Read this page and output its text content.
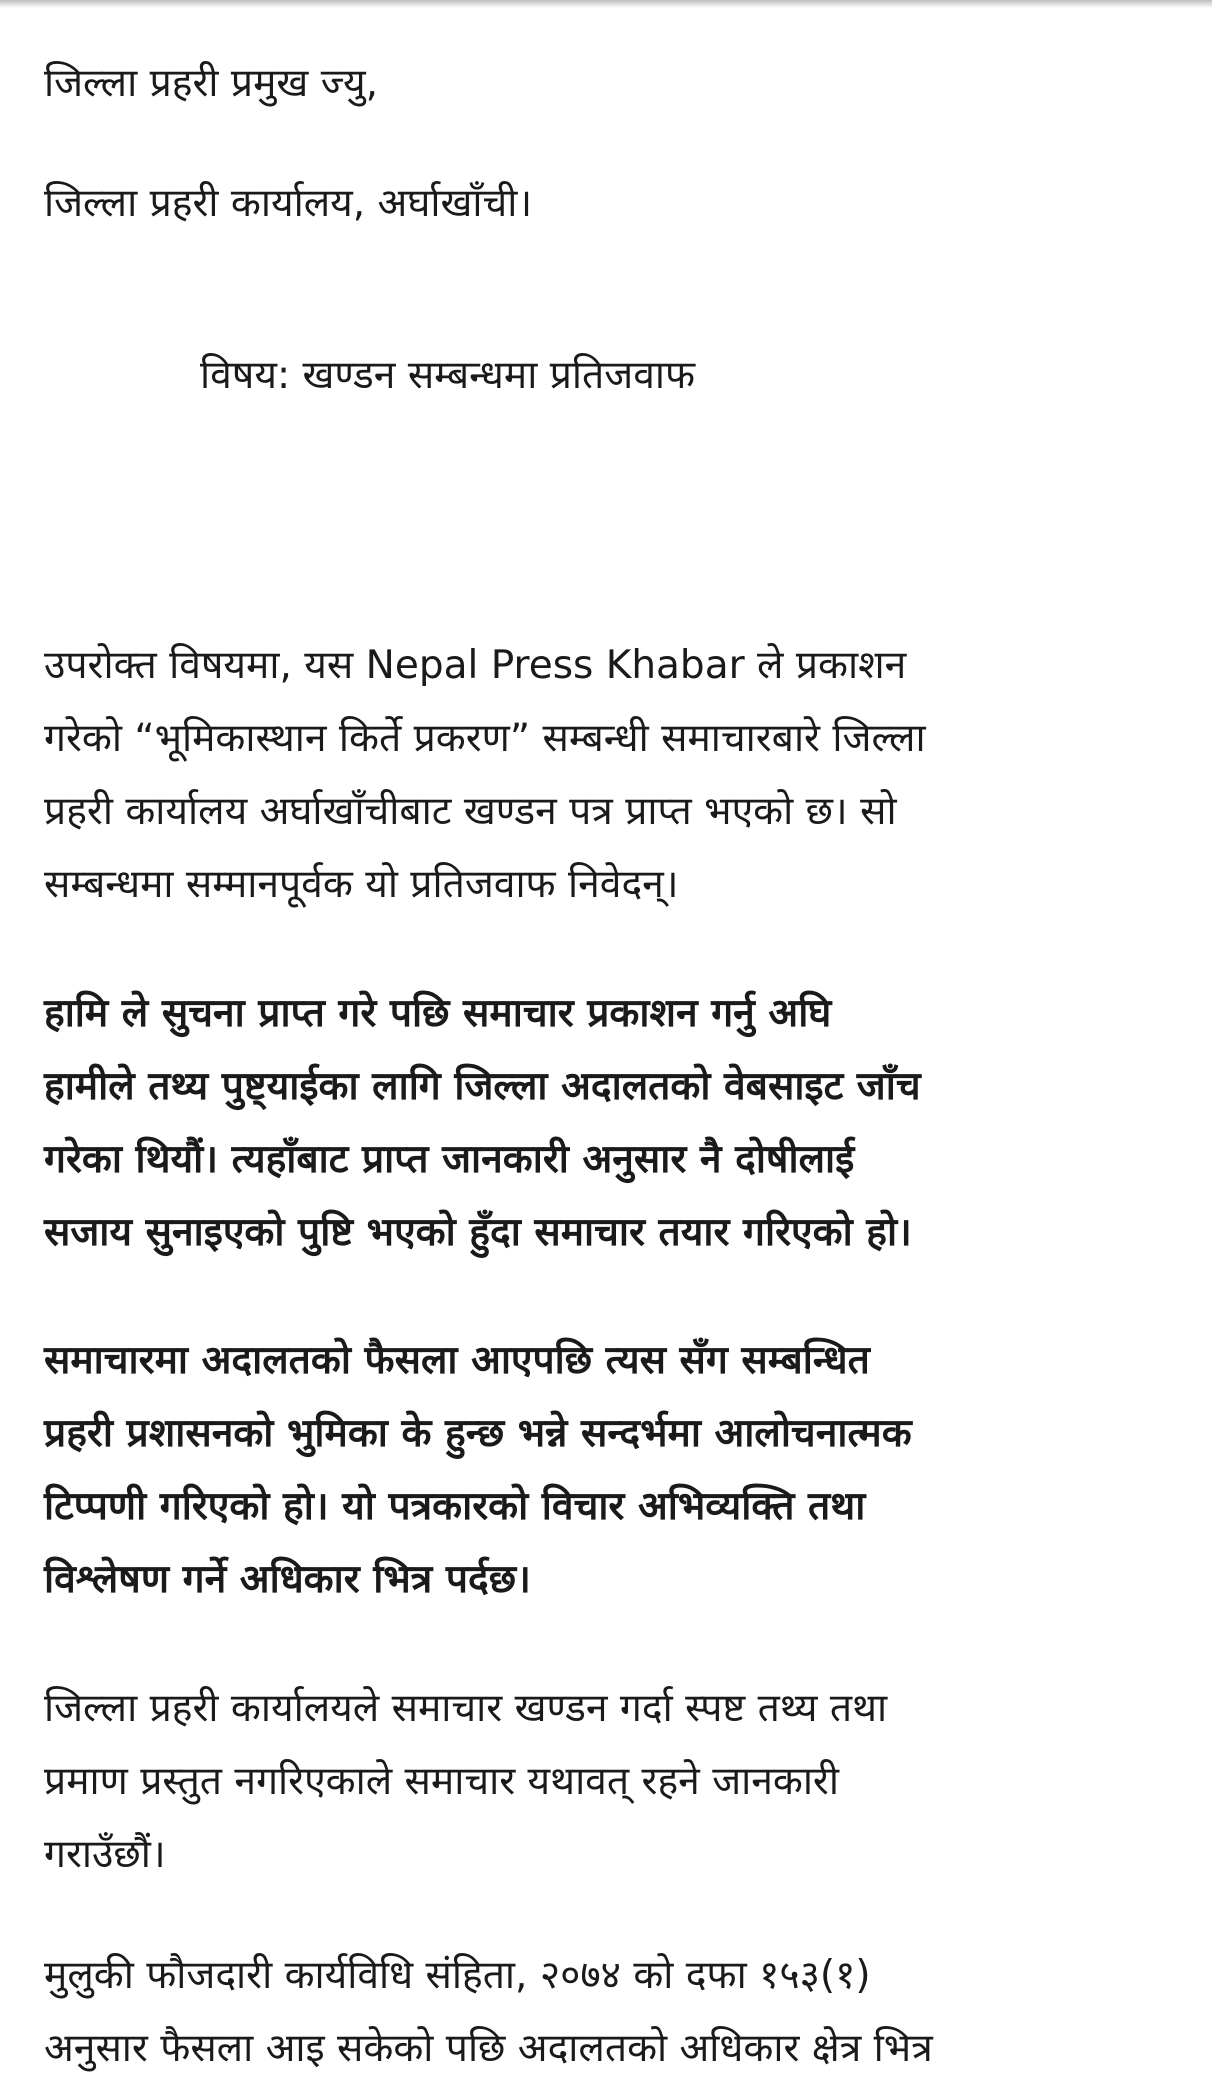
जिल्ला प्रहरी प्रमुख ज्यु,
जिल्ला प्रहरी कार्यालय, अर्घाखाँची।
विषय: खण्डन सम्बन्धमा प्रतिजवाफ
उपरोक्त विषयमा, यस Nepal Press Khabar ले प्रकाशन
गरेको “भूमिकास्थान किर्ते प्रकरण” सम्बन्धी समाचारबारे जिल्ला
प्रहरी कार्यालय अर्घाखाँचीबाट खण्डन पत्र प्राप्त भएको छ। सो
सम्बन्धमा सम्मानपूर्वक यो प्रतिजवाफ निवेदन्।
हामि ले सुचना प्राप्त गरे पछि समाचार प्रकाशन गर्नु अघि
हामीले तथ्य पुष्ट्याईका लागि जिल्ला अदालतको वेबसाइट जाँच
गरेका थियौं। त्यहाँबाट प्राप्त जानकारी अनुसार नै दोषीलाई
सजाय सुनाइएको पुष्टि भएको हुँदा समाचार तयार गरिएको हो।
समाचारमा अदालतको फैसला आएपछि त्यस सँग सम्बन्धित
प्रहरी प्रशासनको भुमिका के हुन्छ भन्ने सन्दर्भमा आलोचनात्मक
टिप्पणी गरिएको हो। यो पत्रकारको विचार अभिव्यक्ति तथा
विश्लेषण गर्ने अधिकार भित्र पर्दछ।
जिल्ला प्रहरी कार्यालयले समाचार खण्डन गर्दा स्पष्ट तथ्य तथा
प्रमाण प्रस्तुत नगरिएकाले समाचार यथावत् रहने जानकारी
गराउँछौं।
मुलुकी फौजदारी कार्यविधि संहिता, २०७४ को दफा १५३(१)
अनुसार फैसला आइ सकेको पछि अदालतको अधिकार क्षेत्र भित्र
